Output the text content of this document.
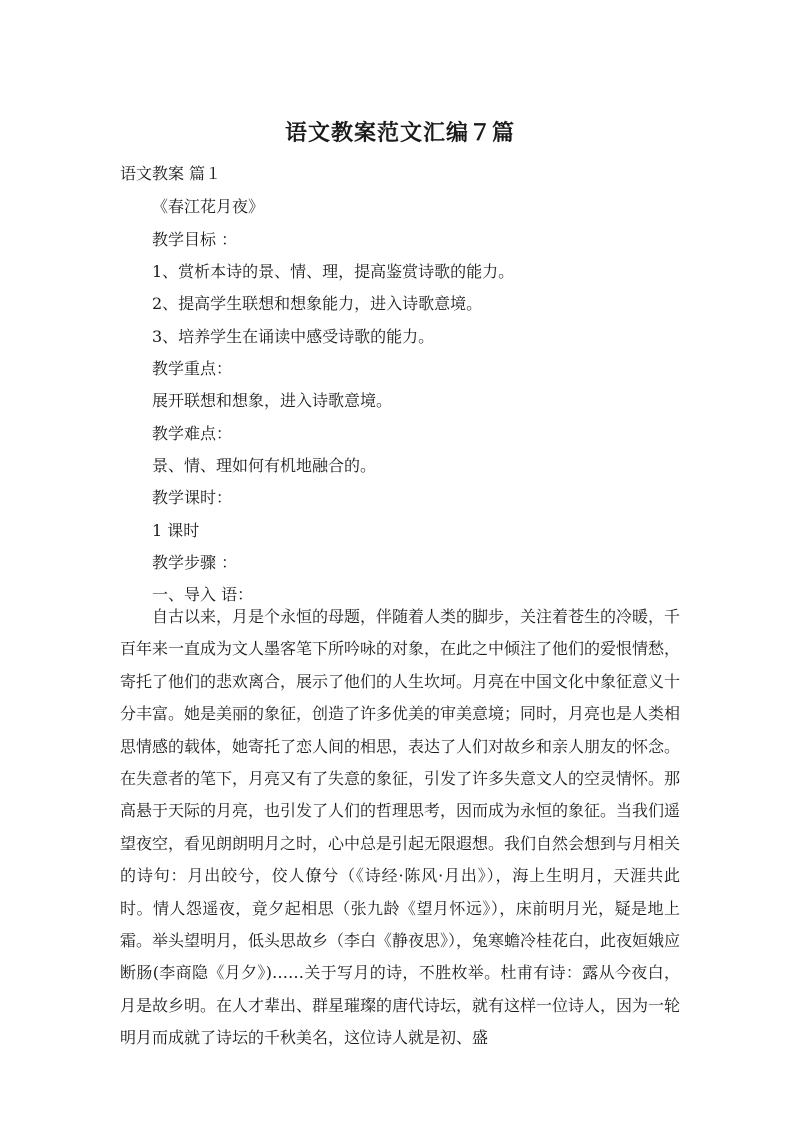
语文教案范文汇编７篇
语文教案 篇１
《春江花月夜》
教学目标 ：
1、赏析本诗的景、情、理，提高鉴赏诗歌的能力。
2、提高学生联想和想象能力，进入诗歌意境。
3、培养学生在诵读中感受诗歌的能力。
教学重点：
展开联想和想象，进入诗歌意境。
教学难点：
景、情、理如何有机地融合的。
教学课时：
1 课时
教学步骤 ：
一、导入 语：

自古以来，月是个永恒的母题，伴随着人类的脚步，关注着苍生的冷暖，千百年来一直成为文人墨客笔下所吟咏的对象，在此之中倾注了他们的爱恨情愁，寄托了他们的悲欢离合，展示了他们的人生坎坷。月亮在中国文化中象征意义十分丰富。她是美丽的象征，创造了许多优美的审美意境；同时，月亮也是人类相思情感的载体，她寄托了恋人间的相思，表达了人们对故乡和亲人朋友的怀念。在失意者的笔下，月亮又有了失意的象征，引发了许多失意文人的空灵情怀。那高悬于天际的月亮，也引发了人们的哲理思考，因而成为永恒的象征。当我们遥望夜空，看见朗朗明月之时，心中总是引起无限遐想。我们自然会想到与月相关的诗句：月出皎兮，佼人僚兮（《诗经·陈风·月出》），海上生明月，天涯共此时。情人怨遥夜，竟夕起相思（张九龄《望月怀远》），床前明月光，疑是地上霜。举头望明月，低头思故乡（李白《静夜思》），兔寒蟾冷桂花白，此夜姮娥应断肠(李商隐《月夕》)……关于写月的诗，不胜枚举。杜甫有诗：露从今夜白，月是故乡明。在人才辈出、群星璀璨的唐代诗坛，就有这样一位诗人，因为一轮明月而成就了诗坛的千秋美名，这位诗人就是初、盛
